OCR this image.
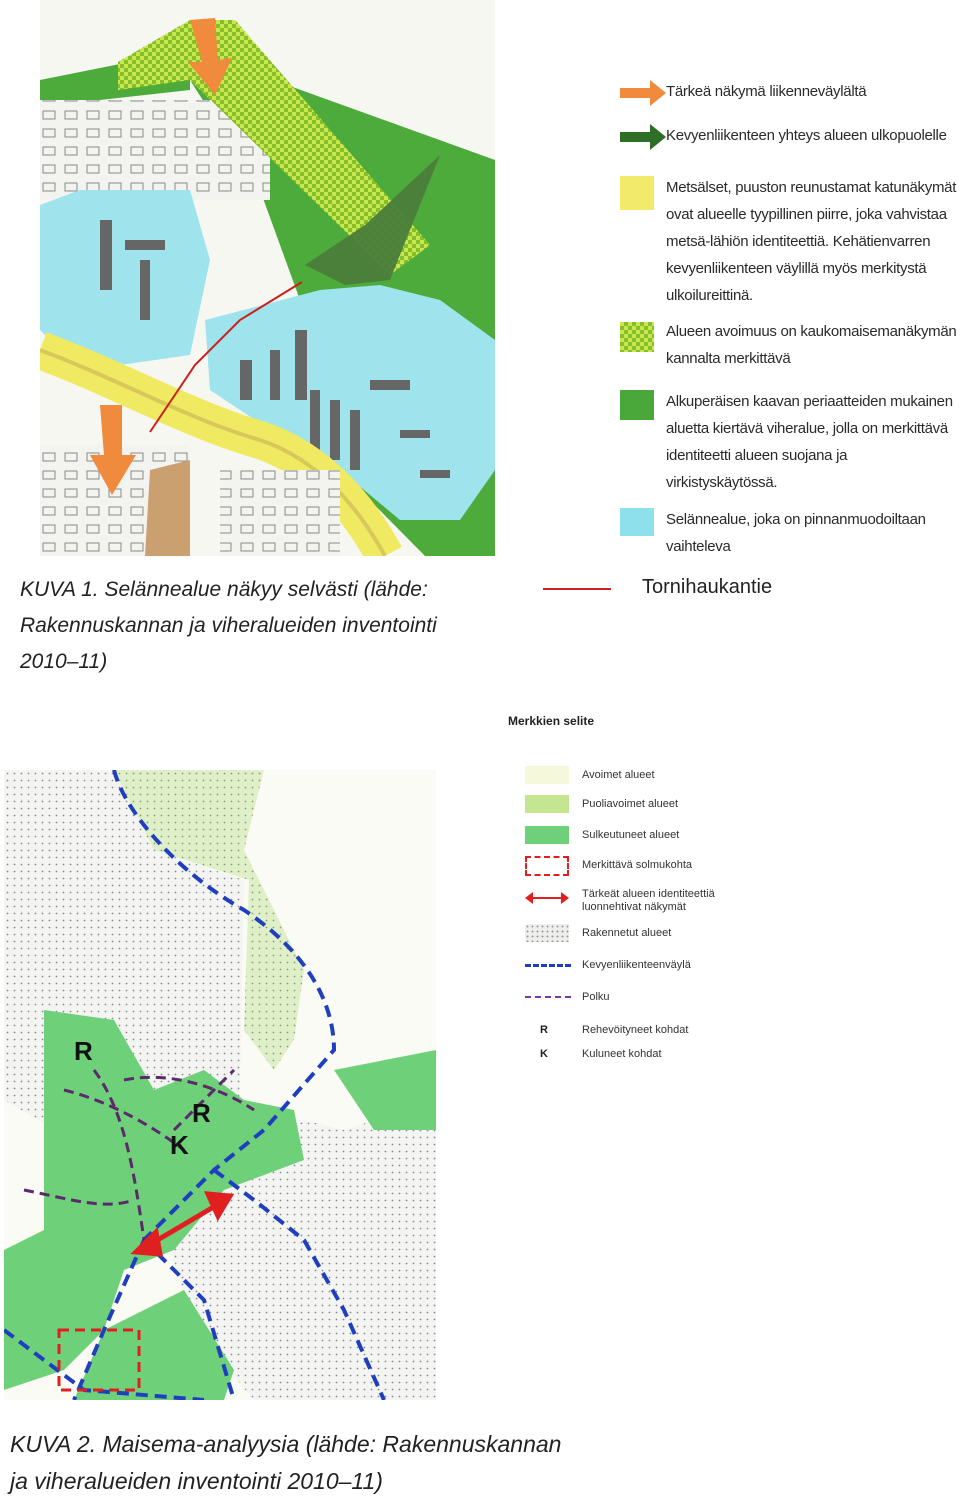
Tärkeä näkymä liikenneväylältä
Kevyenliikenteen yhteys alueen ulkopuolelle
Metsälset, puuston reunustamat katunäkymät
ovat alueelle tyypillinen piirre, joka vahvistaa
metsä-lähiön identiteettiä. Kehätienvarren
kevyenliikenteen väylillä myös merkitystä
ulkoilureittinä.
Alueen avoimuus on kaukomaisemanäkymän
kannalta merkittävä
Alkuperäisen kaavan periaatteiden mukainen
aluetta kiertävä viheralue, jolla on merkittävä
identiteetti alueen suojana ja
virkistyskäytössä.
Selännealue, joka on pinnanmuodoiltaan
vaihteleva
KUVA 1. Selännealue näkyy selvästi (lähde:
Rakennuskannan ja viheralueiden inventointi
2010–11)
Tornihaukantie
R
R
K
Merkkien selite
Avoimet alueet
Puoliavoimet alueet
Sulkeutuneet alueet
Merkittävä solmukohta
Tärkeät alueen identiteettiä luonnehtivat näkymät
Rakennetut alueet
Kevyenliikenteenväylä
Polku
R	Rehevöityneet kohdat
K	Kuluneet kohdat
KUVA 2. Maisema-analyysia (lähde: Rakennuskannan
ja viheralueiden inventointi 2010–11)
